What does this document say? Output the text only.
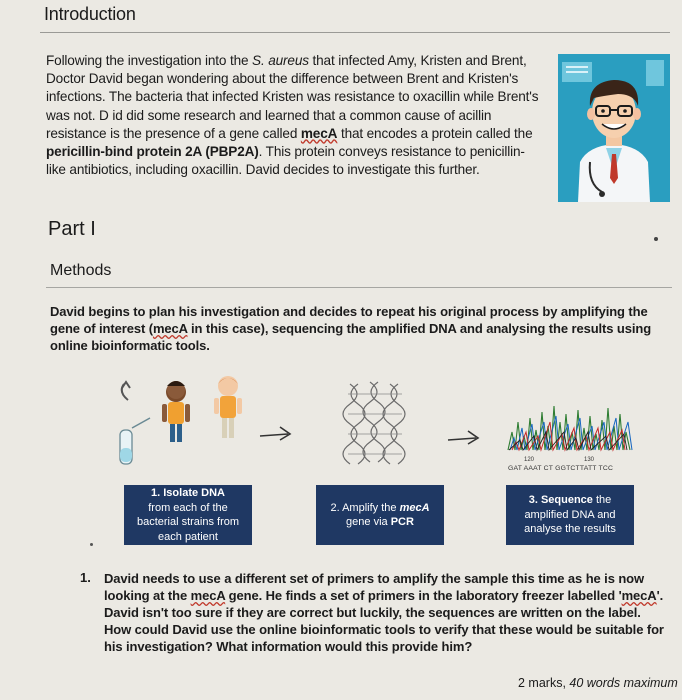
Introduction
Following the investigation into the S. aureus that infected Amy, Kristen and Brent, Doctor David began wondering about the difference between Brent and Kristen's infections. The bacteria that infected Kristen was resistance to oxacillin while Brent's was not. D id did some research and learned that a common cause of acillin resistance is the presence of a gene called mecA that encodes a protein called the pericillin-bind protein 2A (PBP2A). This protein conveys resistance to penicillin-like antibiotics, including oxacillin. David decides to investigate this further.
Part I
Methods
David begins to plan his investigation and decides to repeat his original process by amplifying the gene of interest (mecA in this case), sequencing the amplified DNA and analysing the results using online bioinformatic tools.
120	130
GAT AAAT CT GGTCTTATT TCC
1. Isolate DNA
from each of the
bacterial strains from
each patient
2. Amplify the mecA
gene via PCR
3. Sequence the
amplified DNA and
analyse the results
1. David needs to use a different set of primers to amplify the sample this time as he is now looking at the mecA gene. He finds a set of primers in the laboratory freezer labelled 'mecA'. David isn't too sure if they are correct but luckily, the sequences are written on the label. How could David use the online bioinformatic tools to verify that these would be suitable for his investigation? What information would this provide him?
2 marks, 40 words maximum
